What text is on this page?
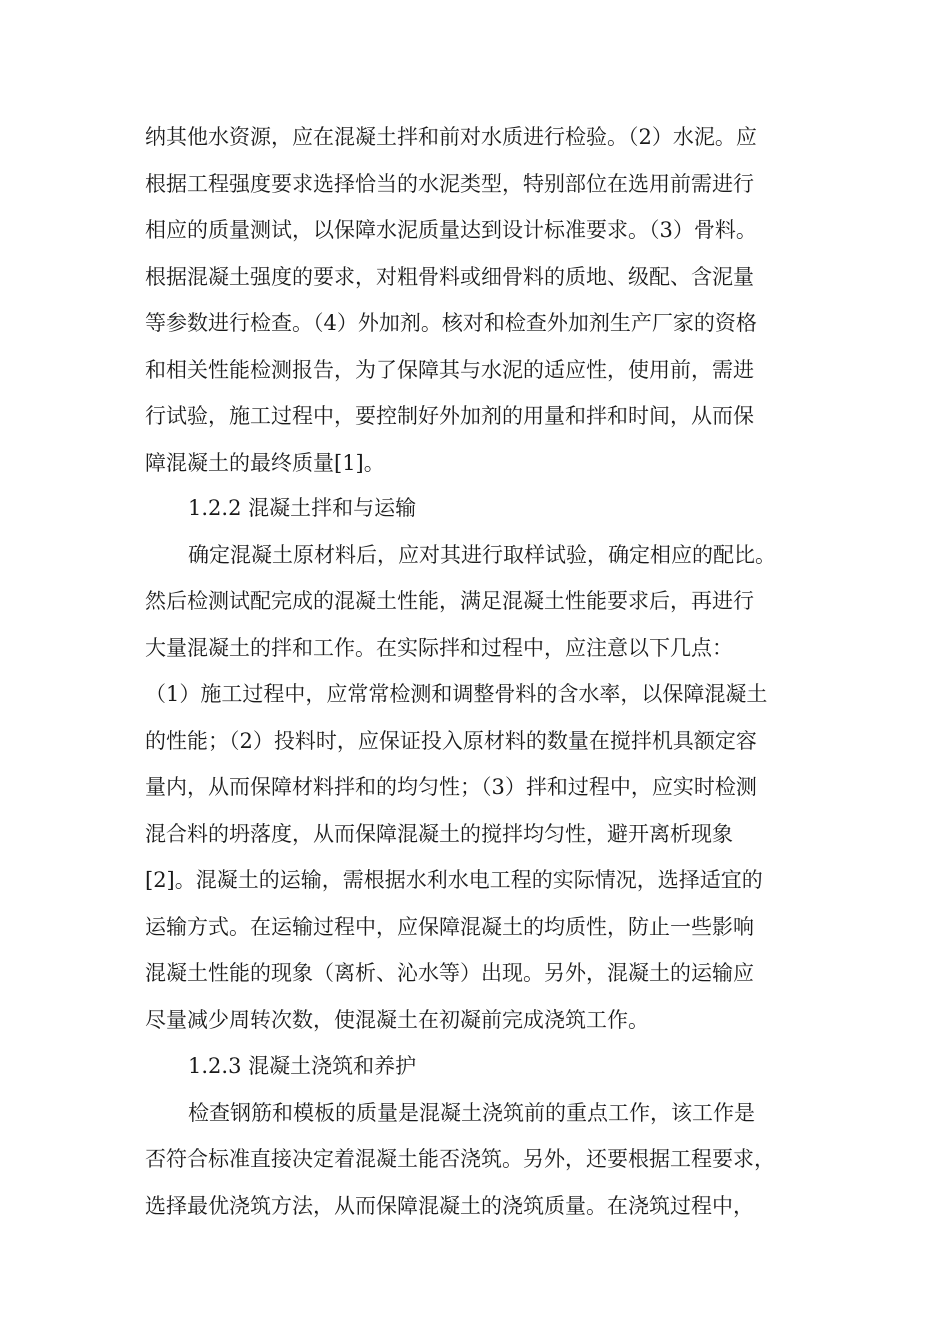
纳其他水资源，应在混凝土拌和前对水质进行检验。（2）水泥。应
根据工程强度要求选择恰当的水泥类型，特别部位在选用前需进行
相应的质量测试，以保障水泥质量达到设计标准要求。（3）骨料。
根据混凝土强度的要求，对粗骨料或细骨料的质地、级配、含泥量
等参数进行检查。（4）外加剂。核对和检查外加剂生产厂家的资格
和相关性能检测报告，为了保障其与水泥的适应性，使用前，需进
行试验，施工过程中，要控制好外加剂的用量和拌和时间，从而保
障混凝土的最终质量[1]。
1.2.2 混凝土拌和与运输
确定混凝土原材料后，应对其进行取样试验，确定相应的配比。
然后检测试配完成的混凝土性能，满足混凝土性能要求后，再进行
大量混凝土的拌和工作。在实际拌和过程中，应注意以下几点：
（1）施工过程中，应常常检测和调整骨料的含水率，以保障混凝土
的性能；（2）投料时，应保证投入原材料的数量在搅拌机具额定容
量内，从而保障材料拌和的均匀性；（3）拌和过程中，应实时检测
混合料的坍落度，从而保障混凝土的搅拌均匀性，避开离析现象
[2]。混凝土的运输，需根据水利水电工程的实际情况，选择适宜的
运输方式。在运输过程中，应保障混凝土的均质性，防止一些影响
混凝土性能的现象（离析、沁水等）出现。另外，混凝土的运输应
尽量减少周转次数，使混凝土在初凝前完成浇筑工作。
1.2.3 混凝土浇筑和养护
检查钢筋和模板的质量是混凝土浇筑前的重点工作，该工作是
否符合标准直接决定着混凝土能否浇筑。另外，还要根据工程要求，
选择最优浇筑方法，从而保障混凝土的浇筑质量。在浇筑过程中，
